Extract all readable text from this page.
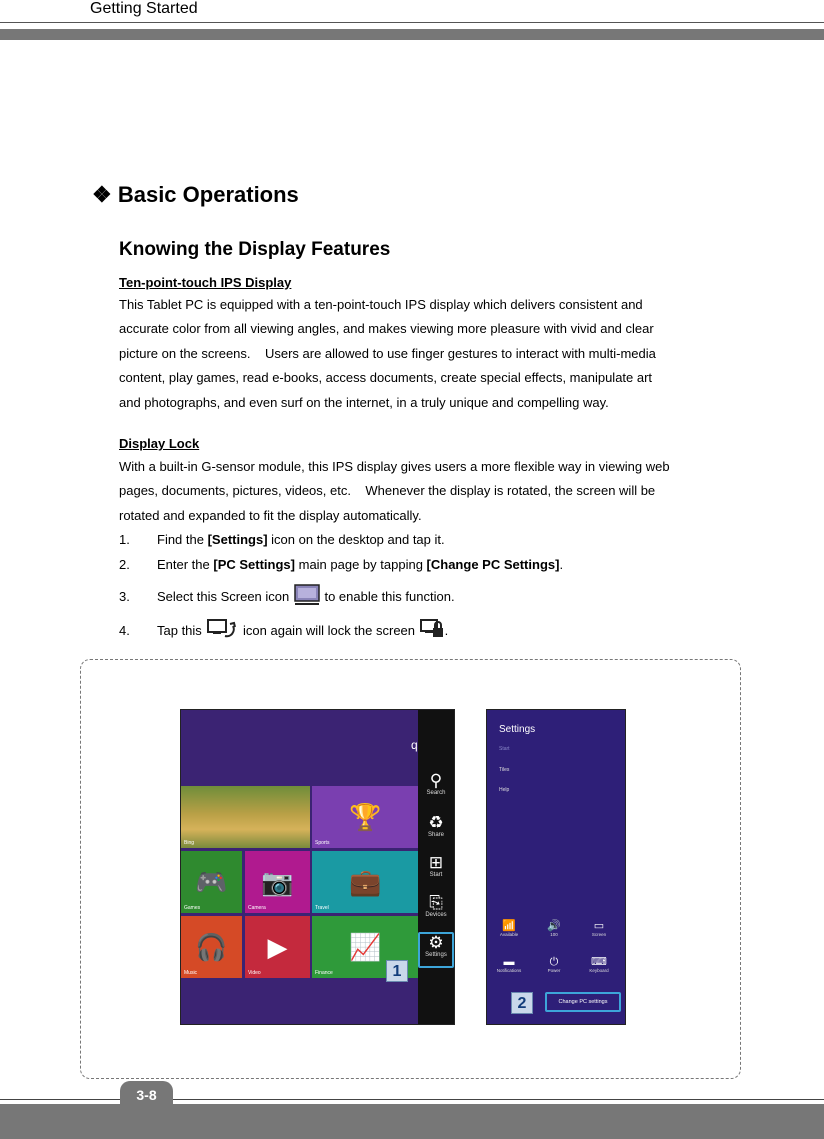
Getting Started
❖ Basic Operations
Knowing the Display Features
Ten-point-touch IPS Display

This Tablet PC is equipped with a ten-point-touch IPS display which delivers consistent and

accurate color from all viewing angles, and makes viewing more pleasure with vivid and clear

picture on the screens.    Users are allowed to use finger gestures to interact with multi-media

content, play games, read e-books, access documents, create special effects, manipulate art

and photographs, and even surf on the internet, in a truly unique and compelling way.

Display Lock

With a built-in G-sensor module, this IPS display gives users a more flexible way in viewing web

pages, documents, pictures, videos, etc.    Whenever the display is rotated, the screen will be

rotated and expanded to fit the display automatically.

1. Find the [Settings] icon on the desktop and tap it.
2. Enter the [PC Settings] main page by tapping [Change PC Settings].
3. Select this Screen icon  to enable this function.
4. Tap this	icon again will lock the screen .
q
Bing
🏆
Sports
🎮
Games
📷
Camera
💼
Travel
🎧
Music
▶
Video
📈
Finance	1
⚲
Search
♻
Share
⊞
Start
⎘
Devices
⚙
Settings
Settings
Start
Tiles
Help
📶
Available
🔊
100
▭
Screen
▬
Notifications
⏻
Power
⌨
Keyboard
2	Change PC settings
3-8
